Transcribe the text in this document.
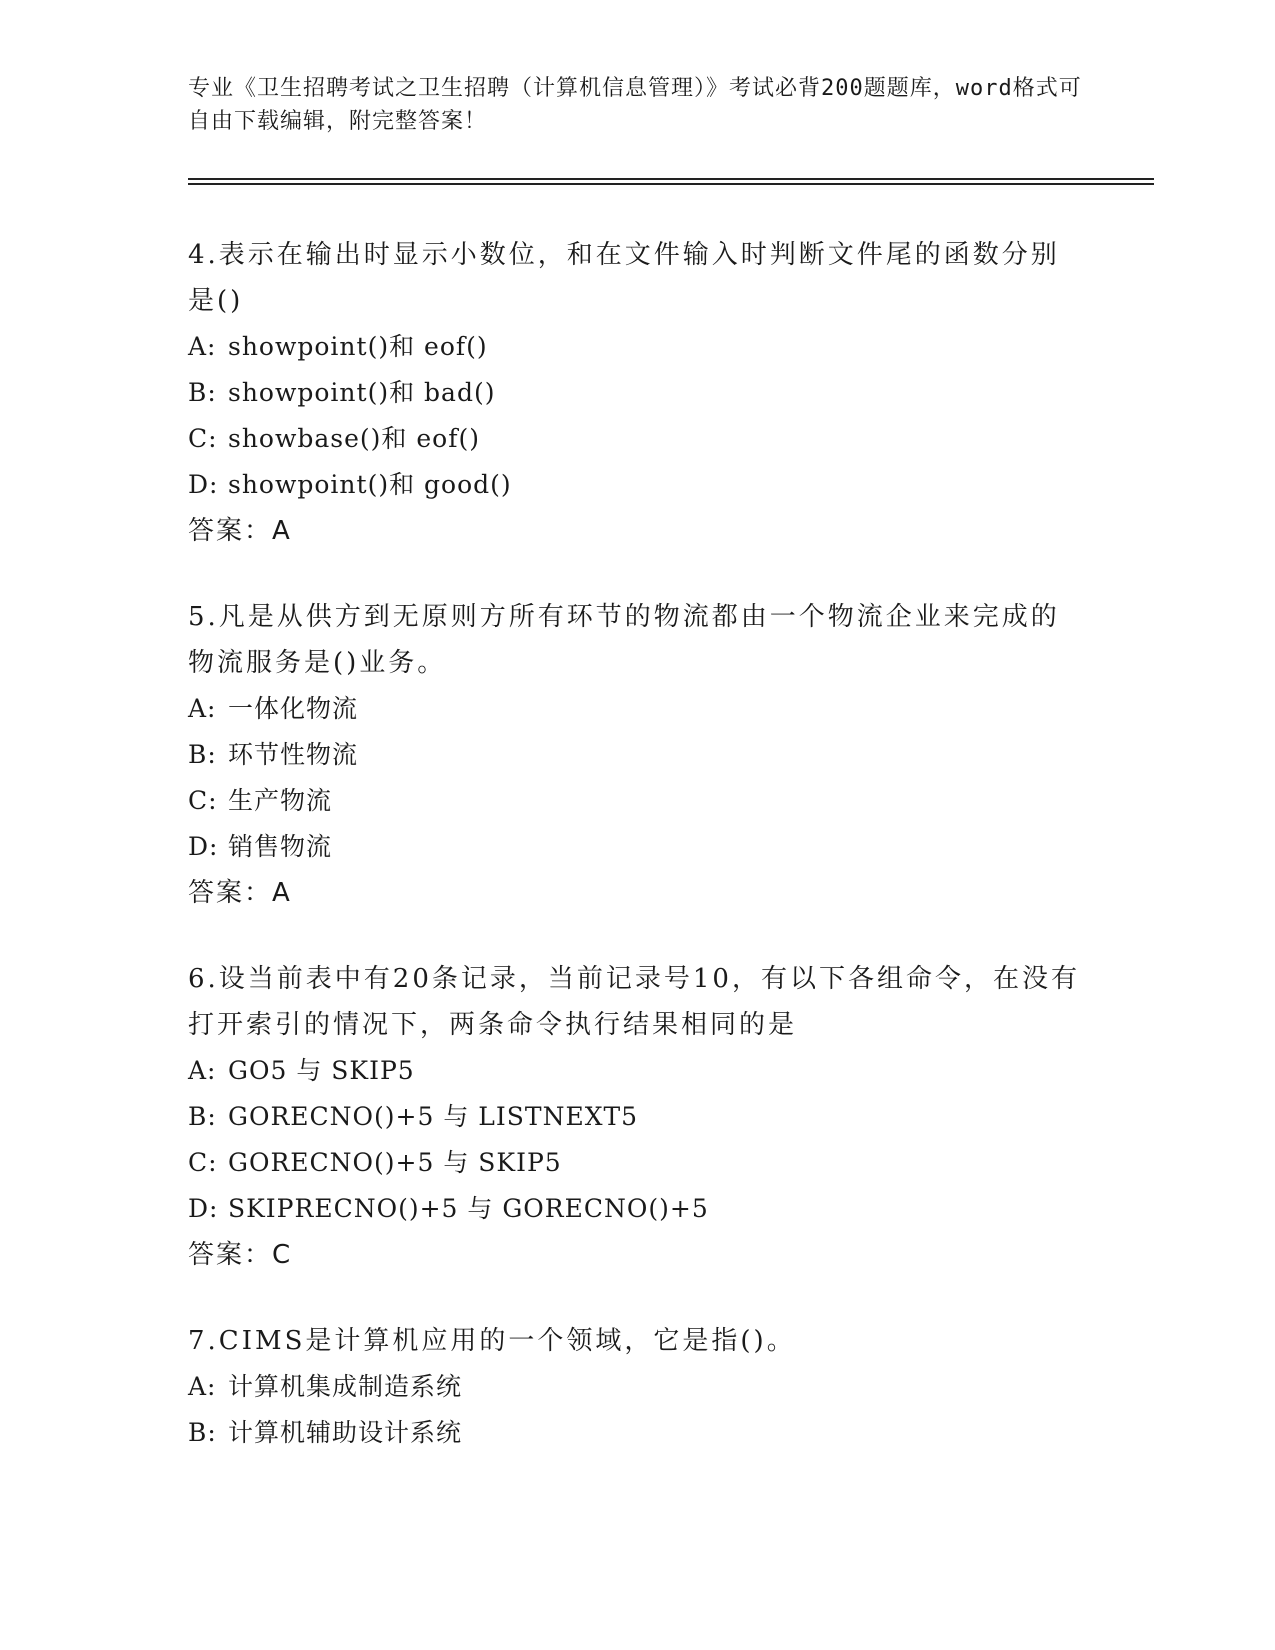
专业《卫生招聘考试之卫生招聘（计算机信息管理）》考试必背200题题库，word格式可自由下载编辑，附完整答案！

4.表示在输出时显示小数位，和在文件输入时判断文件尾的函数分别是()

A: showpoint()和 eof()

B: showpoint()和 bad()

C: showbase()和 eof()

D: showpoint()和 good()

答案：A

5.凡是从供方到无原则方所有环节的物流都由一个物流企业来完成的物流服务是()业务。

A: 一体化物流

B: 环节性物流

C: 生产物流

D: 销售物流

答案：A

6.设当前表中有20条记录，当前记录号10，有以下各组命令，在没有打开索引的情况下，两条命令执行结果相同的是

A: GO5 与 SKIP5

B: GORECNO()+5 与 LISTNEXT5

C: GORECNO()+5 与 SKIP5

D: SKIPRECNO()+5 与 GORECNO()+5

答案：C

7.CIMS是计算机应用的一个领域，它是指()。

A: 计算机集成制造系统

B: 计算机辅助设计系统
